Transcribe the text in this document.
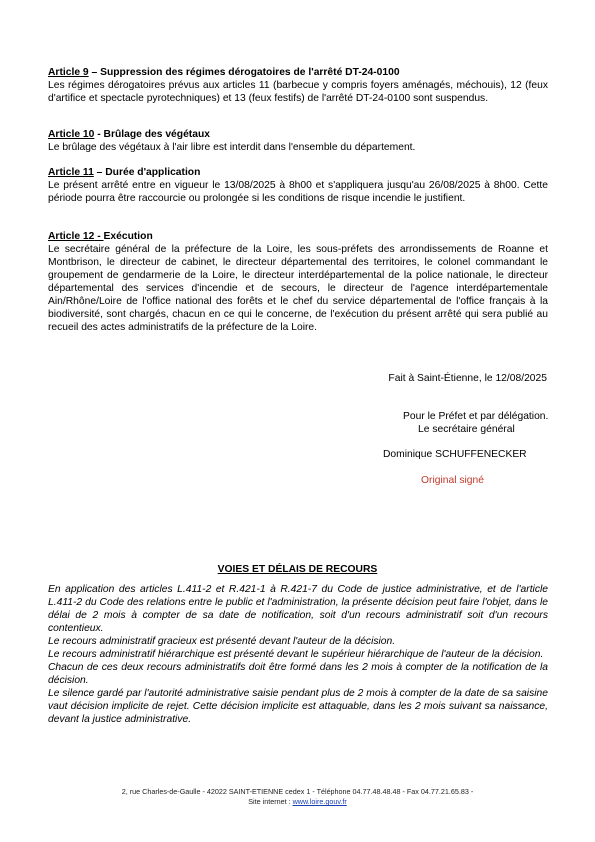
Article 9 – Suppression des régimes dérogatoires de l'arrêté DT-24-0100

Les régimes dérogatoires prévus aux articles 11 (barbecue y compris foyers aménagés, méchouis), 12 (feux d'artifice et spectacle pyrotechniques) et 13 (feux festifs) de l'arrêté DT-24-0100 sont suspendus.

Article 10 - Brûlage des végétaux

Le brûlage des végétaux à l'air libre est interdit dans l'ensemble du département.

Article 11 – Durée d'application

Le présent arrêté entre en vigueur le 13/08/2025 à 8h00 et s'appliquera jusqu'au 26/08/2025 à 8h00. Cette période pourra être raccourcie ou prolongée si les conditions de risque incendie le justifient.

Article 12 - Exécution

Le secrétaire général de la préfecture de la Loire, les sous-préfets des arrondissements de Roanne et Montbrison, le directeur de cabinet, le directeur départemental des territoires, le colonel commandant le groupement de gendarmerie de la Loire, le directeur interdépartemental de la police nationale, le directeur départemental des services d'incendie et de secours, le directeur de l'agence interdépartementale Ain/Rhône/Loire de l'office national des forêts et le chef du service départemental de l'office français à la biodiversité, sont chargés, chacun en ce qui le concerne, de l'exécution du présent arrêté qui sera publié au recueil des actes administratifs de la préfecture de la Loire.

Fait à Saint-Étienne, le 12/08/2025
Pour le Préfet et par délégation.
Le secrétaire général
Dominique SCHUFFENECKER
Original signé
VOIES ET DÉLAIS DE RECOURS

En application des articles L.411-2 et R.421-1 à R.421-7 du Code de justice administrative, et de l'article L.411-2 du Code des relations entre le public et l'administration, la présente décision peut faire l'objet, dans le délai de 2 mois à compter de sa date de notification, soit d'un recours administratif soit d'un recours contentieux.

Le recours administratif gracieux est présenté devant l'auteur de la décision.

Le recours administratif hiérarchique est présenté devant le supérieur hiérarchique de l'auteur de la décision.

Chacun de ces deux recours administratifs doit être formé dans les 2 mois à compter de la notification de la décision.

Le silence gardé par l'autorité administrative saisie pendant plus de 2 mois à compter de la date de sa saisine vaut décision implicite de rejet. Cette décision implicite est attaquable, dans les 2 mois suivant sa naissance, devant la justice administrative.

2, rue Charles-de-Gaulle - 42022 SAINT-ETIENNE cedex 1 - Téléphone 04.77.48.48.48 - Fax 04.77.21.65.83 -
Site internet : www.loire.gouv.fr
